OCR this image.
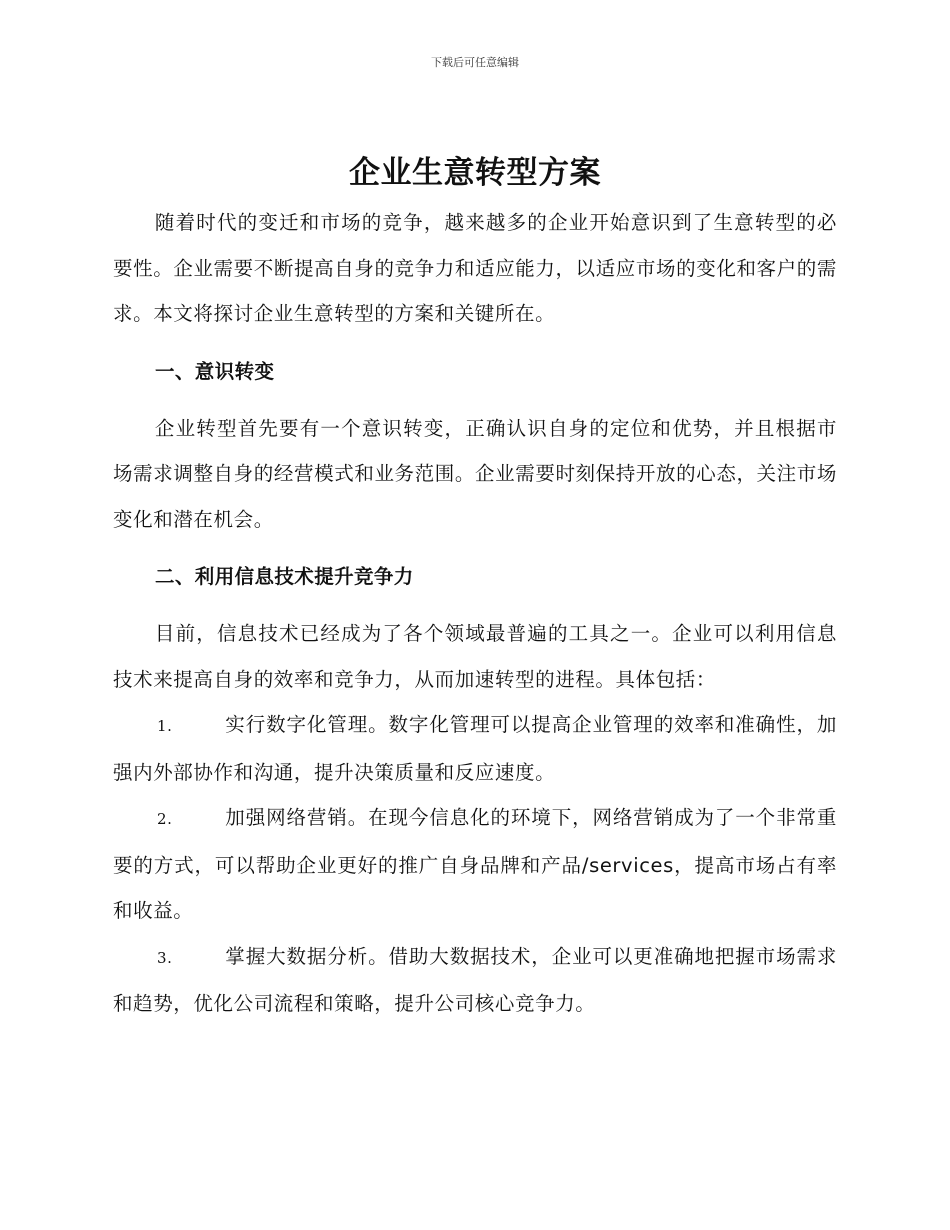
下载后可任意编辑
企业生意转型方案

随着时代的变迁和市场的竞争，越来越多的企业开始意识到了生意转型的必要性。企业需要不断提高自身的竞争力和适应能力，以适应市场的变化和客户的需求。本文将探讨企业生意转型的方案和关键所在。

一、意识转变

企业转型首先要有一个意识转变，正确认识自身的定位和优势，并且根据市场需求调整自身的经营模式和业务范围。企业需要时刻保持开放的心态，关注市场变化和潜在机会。

二、利用信息技术提升竞争力

目前，信息技术已经成为了各个领域最普遍的工具之一。企业可以利用信息技术来提高自身的效率和竞争力，从而加速转型的进程。具体包括：

1.	实行数字化管理。数字化管理可以提高企业管理的效率和准确性，加强内外部协作和沟通，提升决策质量和反应速度。

2.	加强网络营销。在现今信息化的环境下，网络营销成为了一个非常重要的方式，可以帮助企业更好的推广自身品牌和产品/services，提高市场占有率和收益。

3.	掌握大数据分析。借助大数据技术，企业可以更准确地把握市场需求和趋势，优化公司流程和策略，提升公司核心竞争力。
